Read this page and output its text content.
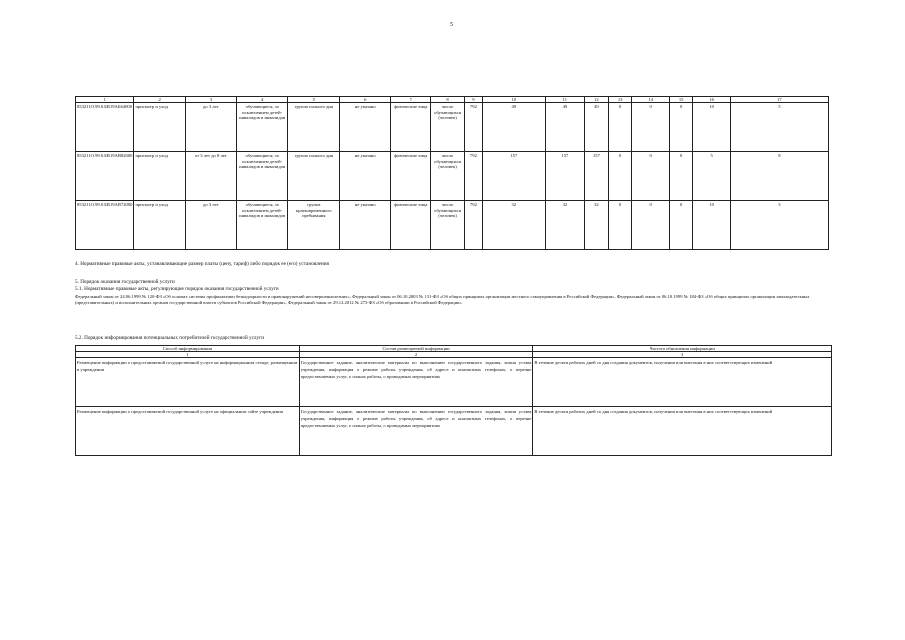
5
1	2	3	4	5	6	7	8	9	10	11	12	13	14	15	16	17
853211О.99.0.БВ19АБ64000	присмотр и уход	до 3 лет	обучающиеся, за исключением детей-инвалидов и инвалидов	группа полного дня	не указано	физические лица	число обучающихся (человек)	792	49	49	49	0	0	0	10	5
853211О.99.0.БВ19АВ82000	присмотр и уход	от 3 лет до 8 лет	обучающиеся, за исключением детей-инвалидов и инвалидов	группа полного дня	не указано	физические лица	число обучающихся (человек)	792	157	157	157	0	0	0	5	8
853211О.99.0.БВ19АВ72000	присмотр и уход	до 3 лет	обучающиеся, за исключением детей-инвалидов и инвалидов	группа кратковременного пребывания	не указано	физические лица	число обучающихся (человек)	792	32	32	32	0	0	0	10	3
4. Нормативные правовые акты, устанавливающие размер платы (цену, тариф) либо порядок ее (его) установления
5. Порядок оказания государственной услуги
5.1. Нормативные правовые акты, регулирующие порядок оказания государственной услуги
Федеральный закон от 24.06.1999 № 120-ФЗ «Об основах системы профилактики безнадзорности и правонарушений несовершеннолетних», Федеральный закон от 06.10.2003 № 131-ФЗ «Об общих принципах организации местного самоуправления в Российской Федерации», Федеральный закон от 06.10.1999 № 184-ФЗ «Об общих принципах организации законодательных (представительных) и исполнительных органов государственной власти субъектов Российской Федерации», Федеральный закон от 29.12.2012 № 273-ФЗ «Об образовании в Российской Федерации»
5.2. Порядок информирования потенциальных потребителей государственной услуги
Способ информирования	Состав размещаемой информации	Частота обновления информации
1	2	3
Размещение информации о предоставляемой государственной услуге на информационном стенде, размещенном в учреждении	Государственное задание, аналитические материалы по выполнению государственного задания, копия устава учреждения, информация о режиме работы учреждения, об адресе и контактных телефонах, о перечне предоставляемых услуг, о планах работы, о проводимых мероприятиях	В течение десяти рабочих дней со дня создания документов, получения или внесения в них соответствующих изменений
Размещение информации о предоставляемой государственной услуге на официальном сайте учреждения	Государственное задание, аналитические материалы по выполнению государственного задания, копия устава учреждения, информация о режиме работы учреждения, об адресе и контактных телефонах, о перечне предоставляемых услуг, о планах работы, о проводимых мероприятиях	В течение десяти рабочих дней со дня создания документов, получения или внесения в них соответствующих изменений
